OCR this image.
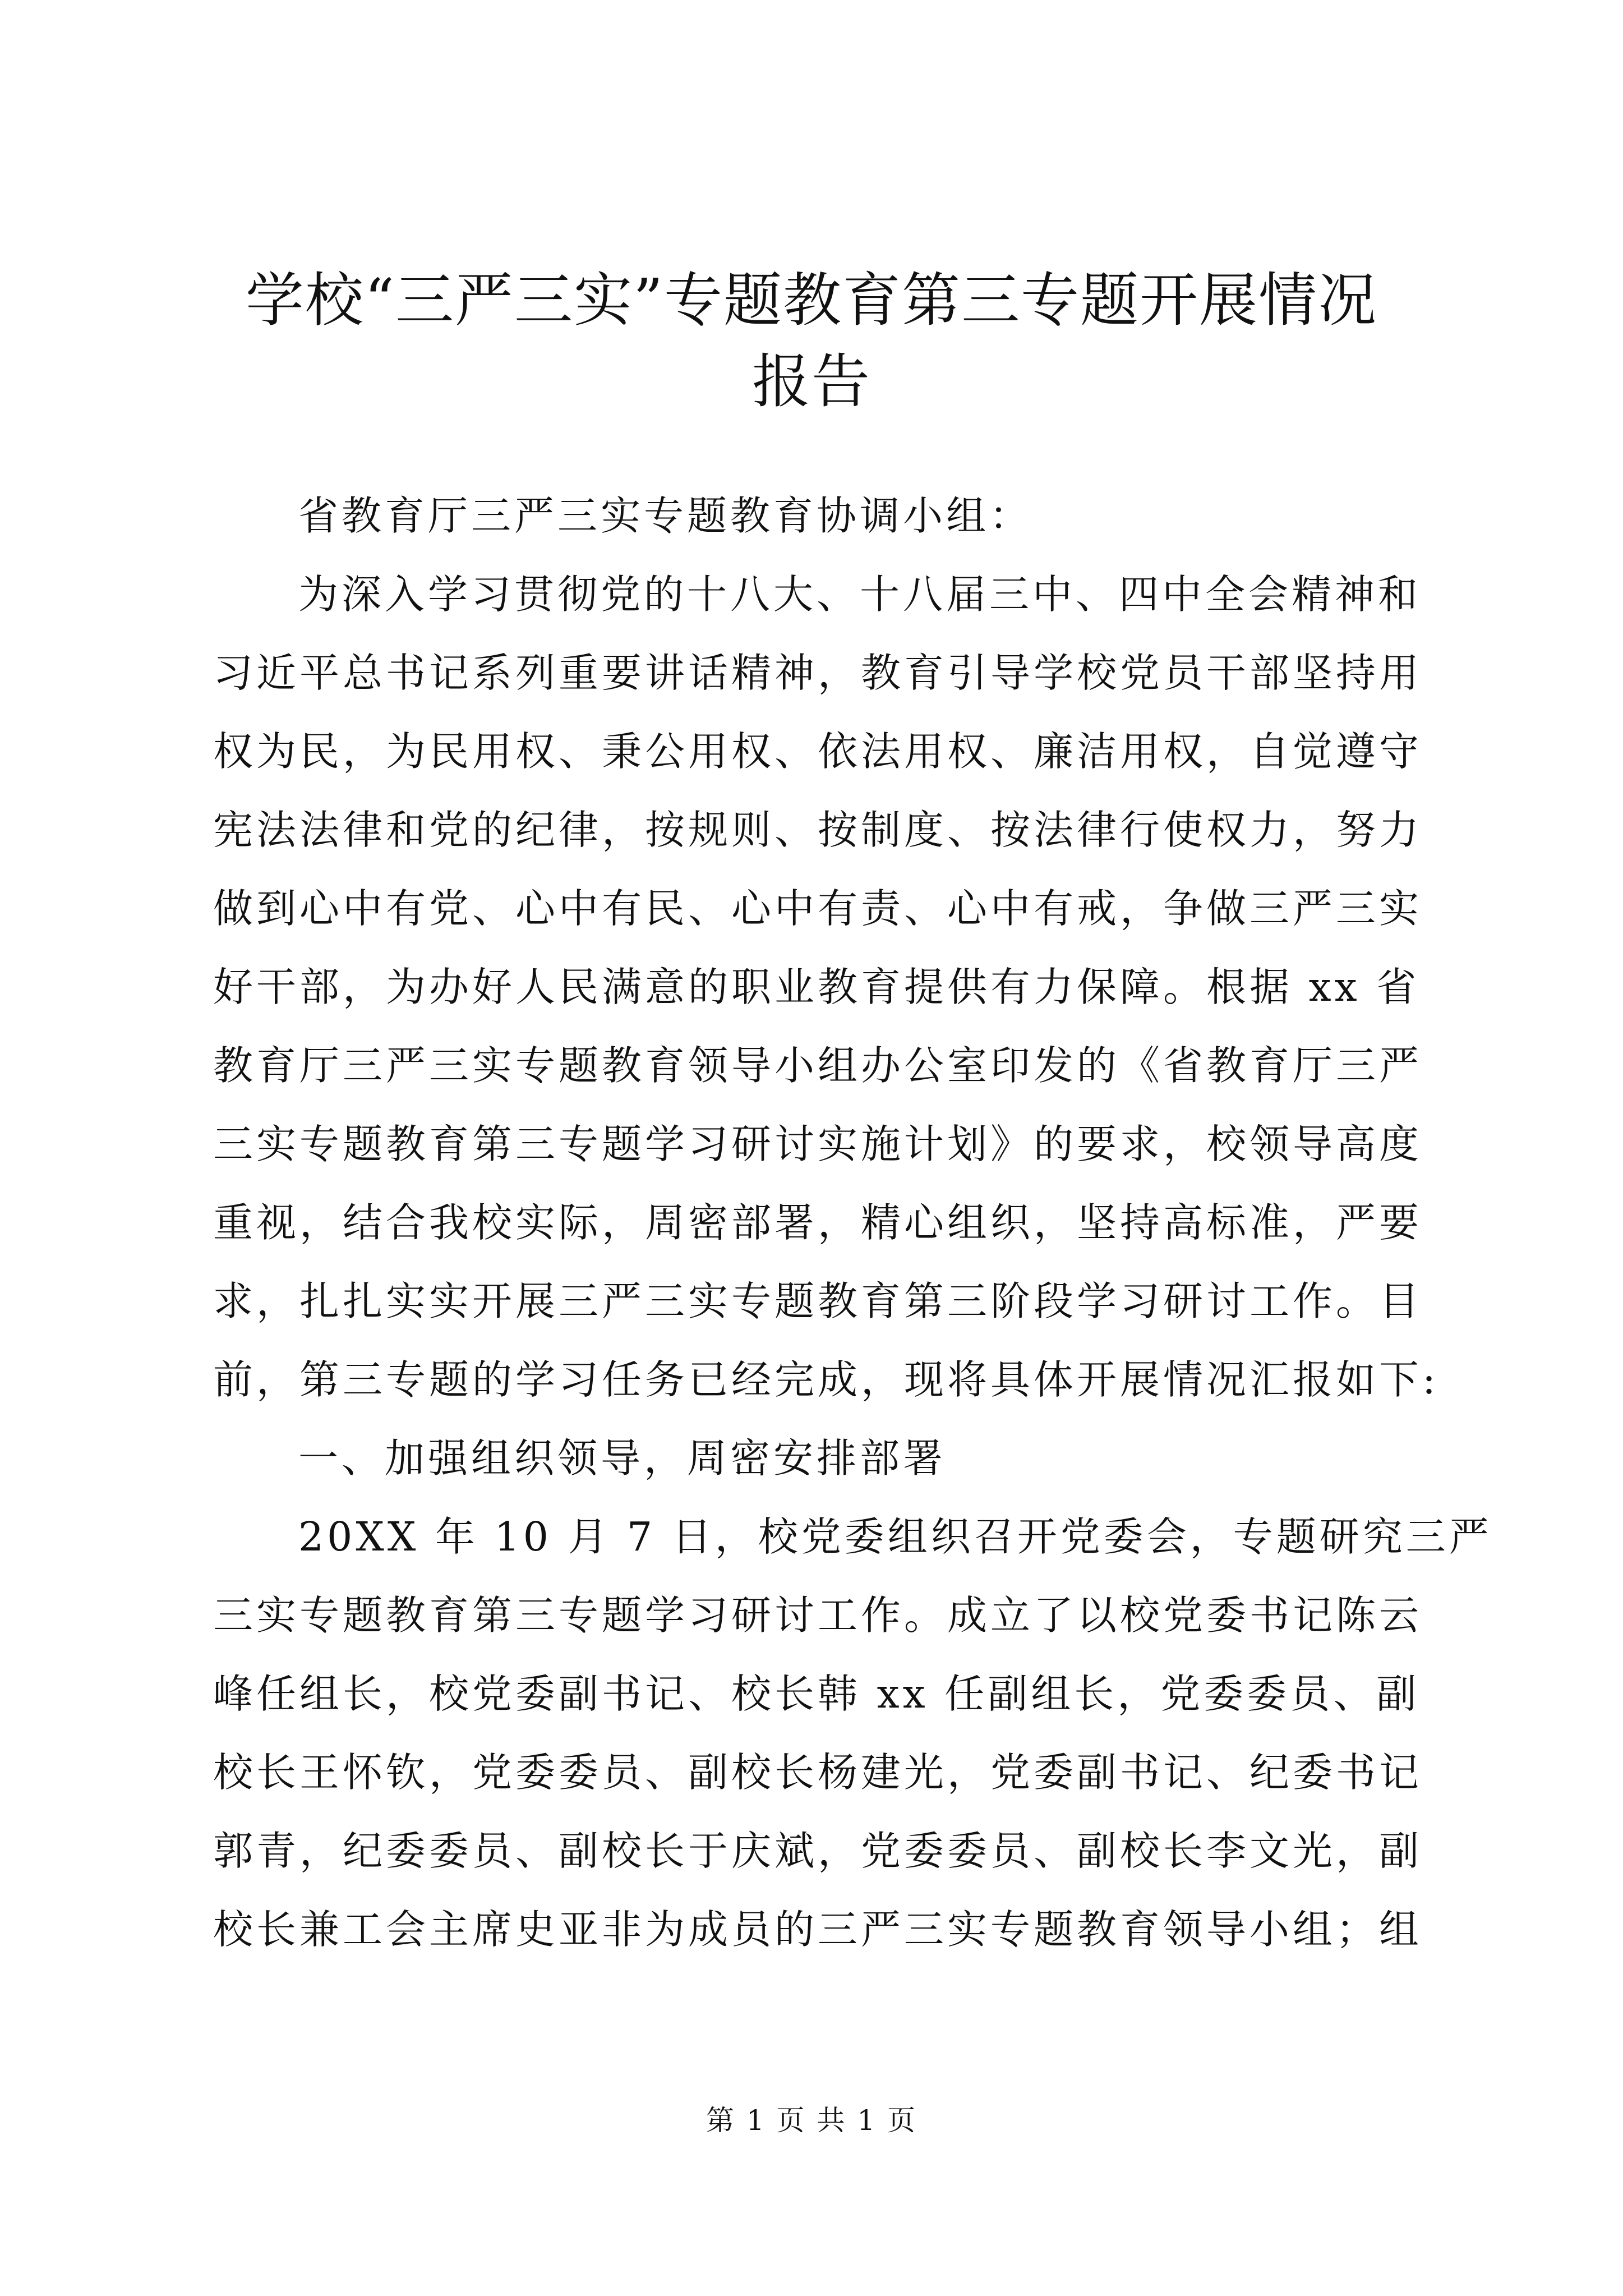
学校“三严三实”专题教育第三专题开展情况
报告

省教育厅三严三实专题教育协调小组：

为深入学习贯彻党的十八大、十八届三中、四中全会精神和

习近平总书记系列重要讲话精神，教育引导学校党员干部坚持用

权为民，为民用权、秉公用权、依法用权、廉洁用权，自觉遵守

宪法法律和党的纪律，按规则、按制度、按法律行使权力，努力

做到心中有党、心中有民、心中有责、心中有戒，争做三严三实

好干部，为办好人民满意的职业教育提供有力保障。根据 xx 省

教育厅三严三实专题教育领导小组办公室印发的《省教育厅三严

三实专题教育第三专题学习研讨实施计划》的要求，校领导高度

重视，结合我校实际，周密部署，精心组织，坚持高标准，严要

求，扎扎实实开展三严三实专题教育第三阶段学习研讨工作。目

前，第三专题的学习任务已经完成，现将具体开展情况汇报如下:

一、加强组织领导，周密安排部署

20XX 年 10 月 7 日，校党委组织召开党委会，专题研究三严

三实专题教育第三专题学习研讨工作。成立了以校党委书记陈云

峰任组长，校党委副书记、校长韩 xx 任副组长，党委委员、副

校长王怀钦，党委委员、副校长杨建光，党委副书记、纪委书记

郭青，纪委委员、副校长于庆斌，党委委员、副校长李文光，副

校长兼工会主席史亚非为成员的三严三实专题教育领导小组；组

第 1 页 共 1 页
